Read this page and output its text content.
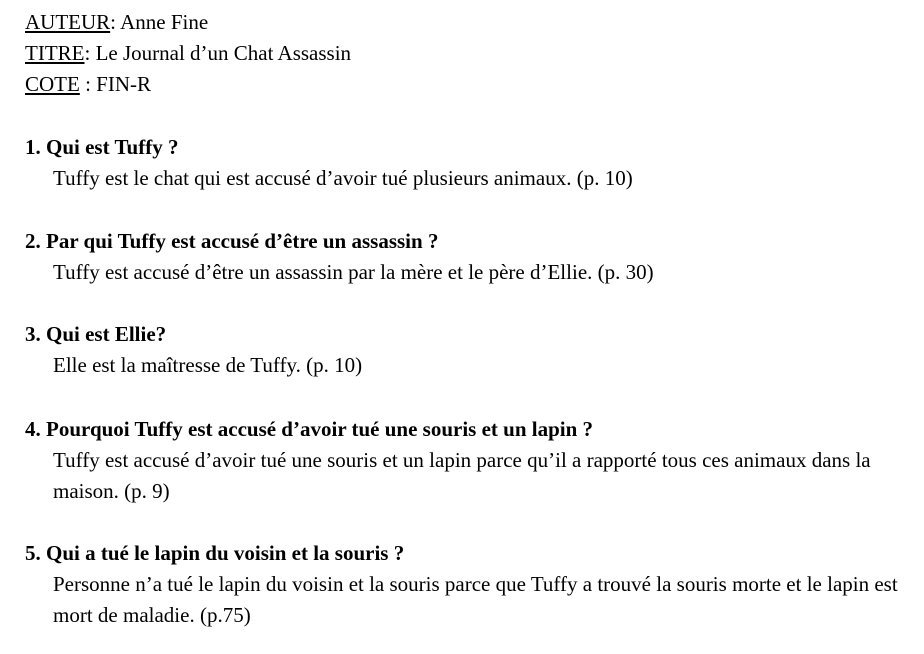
AUTEUR: Anne Fine
TITRE: Le Journal d’un Chat Assassin
COTE : FIN-R
1. Qui est Tuffy ?
Tuffy est le chat qui est accusé d’avoir tué plusieurs animaux. (p. 10)
2. Par qui Tuffy est accusé d’être un assassin ?
Tuffy est accusé d’être un assassin par la mère et le père d’Ellie. (p. 30)
3. Qui est Ellie?
Elle est la maîtresse de Tuffy. (p. 10)
4. Pourquoi Tuffy est accusé d’avoir tué une souris et un lapin ?
Tuffy est accusé d’avoir tué une souris et un lapin parce qu’il a rapporté tous ces animaux dans la maison. (p. 9)
5. Qui a tué le lapin du voisin et la souris ?
Personne n’a tué le lapin du voisin et la souris parce que Tuffy a trouvé la souris morte et le lapin est mort de maladie. (p.75)
